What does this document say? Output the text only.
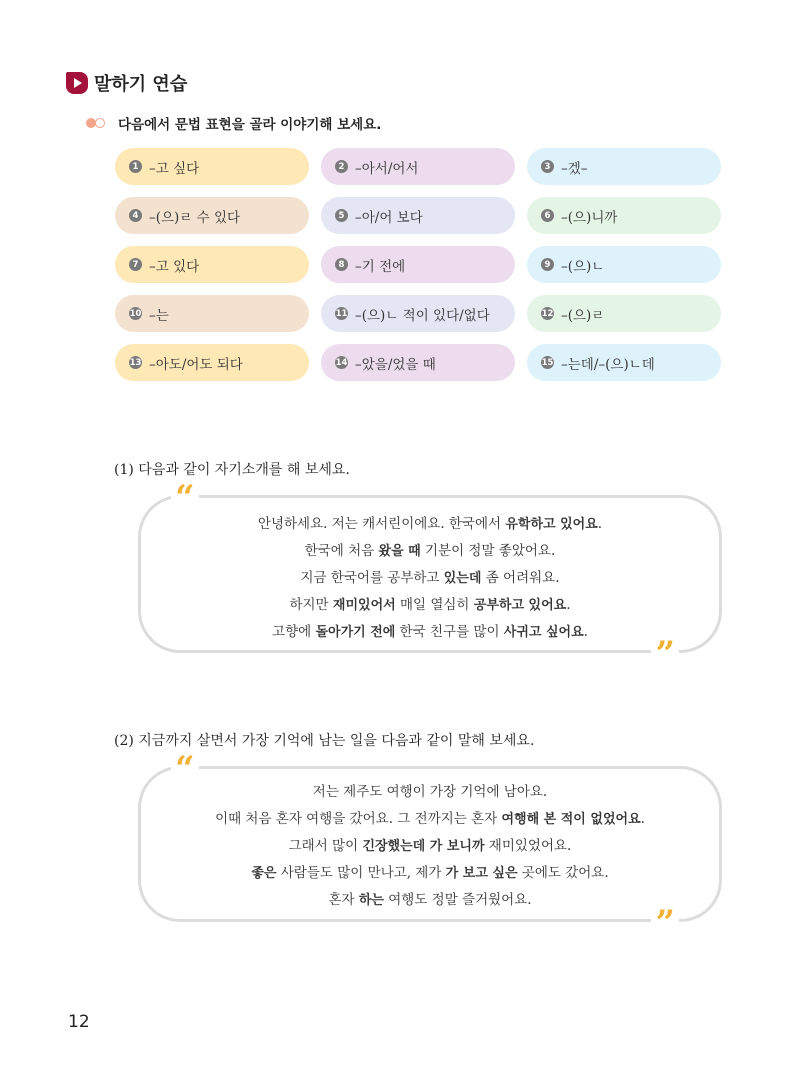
말하기 연습
다음에서 문법 표현을 골라 이야기해 보세요.
1 –고 싶다	2 –아서/어서	3 –겠–
4 –(으)ㄹ 수 있다	5 –아/어 보다	6 –(으)니까
7 –고 있다	8 –기 전에	9 –(으)ㄴ
10 –는	11 –(으)ㄴ 적이 있다/없다	12 –(으)ㄹ
13 –아도/어도 되다	14 –았을/었을 때	15 –는데/–(으)ㄴ데
(1) 다음과 같이 자기소개를 해 보세요.
“
안녕하세요. 저는 캐서린이에요. 한국에서 유학하고 있어요.
한국에 처음 왔을 때 기분이 정말 좋았어요.
지금 한국어를 공부하고 있는데 좀 어려워요.
하지만 재미있어서 매일 열심히 공부하고 있어요.
고향에 돌아가기 전에 한국 친구를 많이 사귀고 싶어요.
”
(2) 지금까지 살면서 가장 기억에 남는 일을 다음과 같이 말해 보세요.
“
저는 제주도 여행이 가장 기억에 남아요.
이때 처음 혼자 여행을 갔어요. 그 전까지는 혼자 여행해 본 적이 없었어요.
그래서 많이 긴장했는데 가 보니까 재미있었어요.
좋은 사람들도 많이 만나고, 제가 가 보고 싶은 곳에도 갔어요.
혼자 하는 여행도 정말 즐거웠어요.
”
12
